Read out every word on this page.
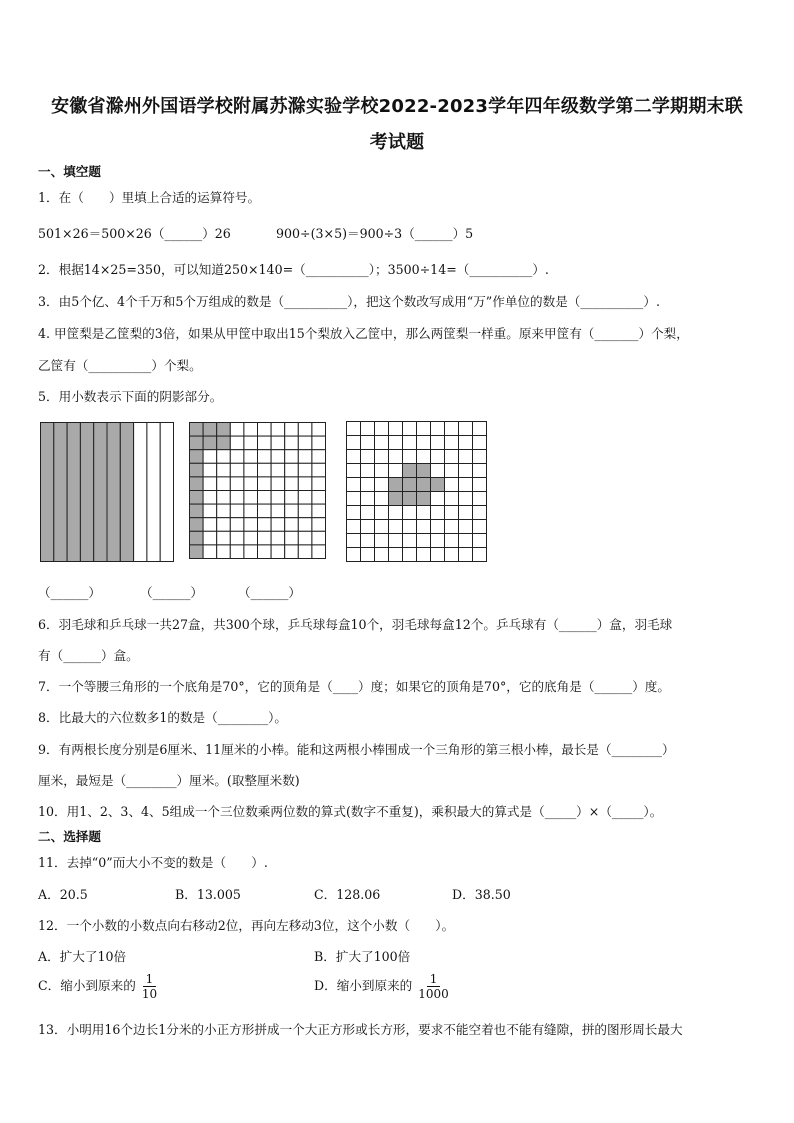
安徽省滁州外国语学校附属苏滁实验学校2022-2023学年四年级数学第二学期期末联
考试题
一、填空题
1．在（　　）里填上合适的运算符号。
501×26＝500×26（______）26	900÷(3×5)＝900÷3（______）5
2．根据14×25=350，可以知道250×140=（__________）；3500÷14=（__________）.
3．由5个亿、4个千万和5个万组成的数是（__________），把这个数改写成用“万”作单位的数是（__________）.
4. 甲筐梨是乙筐梨的3倍，如果从甲筐中取出15个梨放入乙筐中，那么两筐梨一样重。原来甲筐有（_______）个梨，
乙筐有（__________）个梨。
5．用小数表示下面的阴影部分。
（______）	（______）	（______）
6．羽毛球和乒乓球一共27盒，共300个球，乒乓球每盒10个，羽毛球每盒12个。乒乓球有（______）盒，羽毛球
有（______）盒。
7．一个等腰三角形的一个底角是70°，它的顶角是（____）度；如果它的顶角是70°，它的底角是（______）度。
8．比最大的六位数多1的数是（________）。
9．有两根长度分别是6厘米、11厘米的小棒。能和这两根小棒围成一个三角形的第三根小棒，最长是（________）
厘米，最短是（________）厘米。(取整厘米数)
10．用1、2、3、4、5组成一个三位数乘两位数的算式(数字不重复)，乘积最大的算式是（_____）×（_____）。
二、选择题
11．去掉“0”而大小不变的数是（　　）.
A．20.5	B．13.005	C．128.06	D．38.50
12．一个小数的小数点向右移动2位，再向左移动3位，这个小数（　　）。
A．扩大了10倍	B．扩大了100倍
C．缩小到原来的 $\frac{1}{10}$	D．缩小到原来的 $\frac{1}{1000}$
13．小明用16个边长1分米的小正方形拼成一个大正方形或长方形，要求不能空着也不能有缝隙，拼的图形周长最大
